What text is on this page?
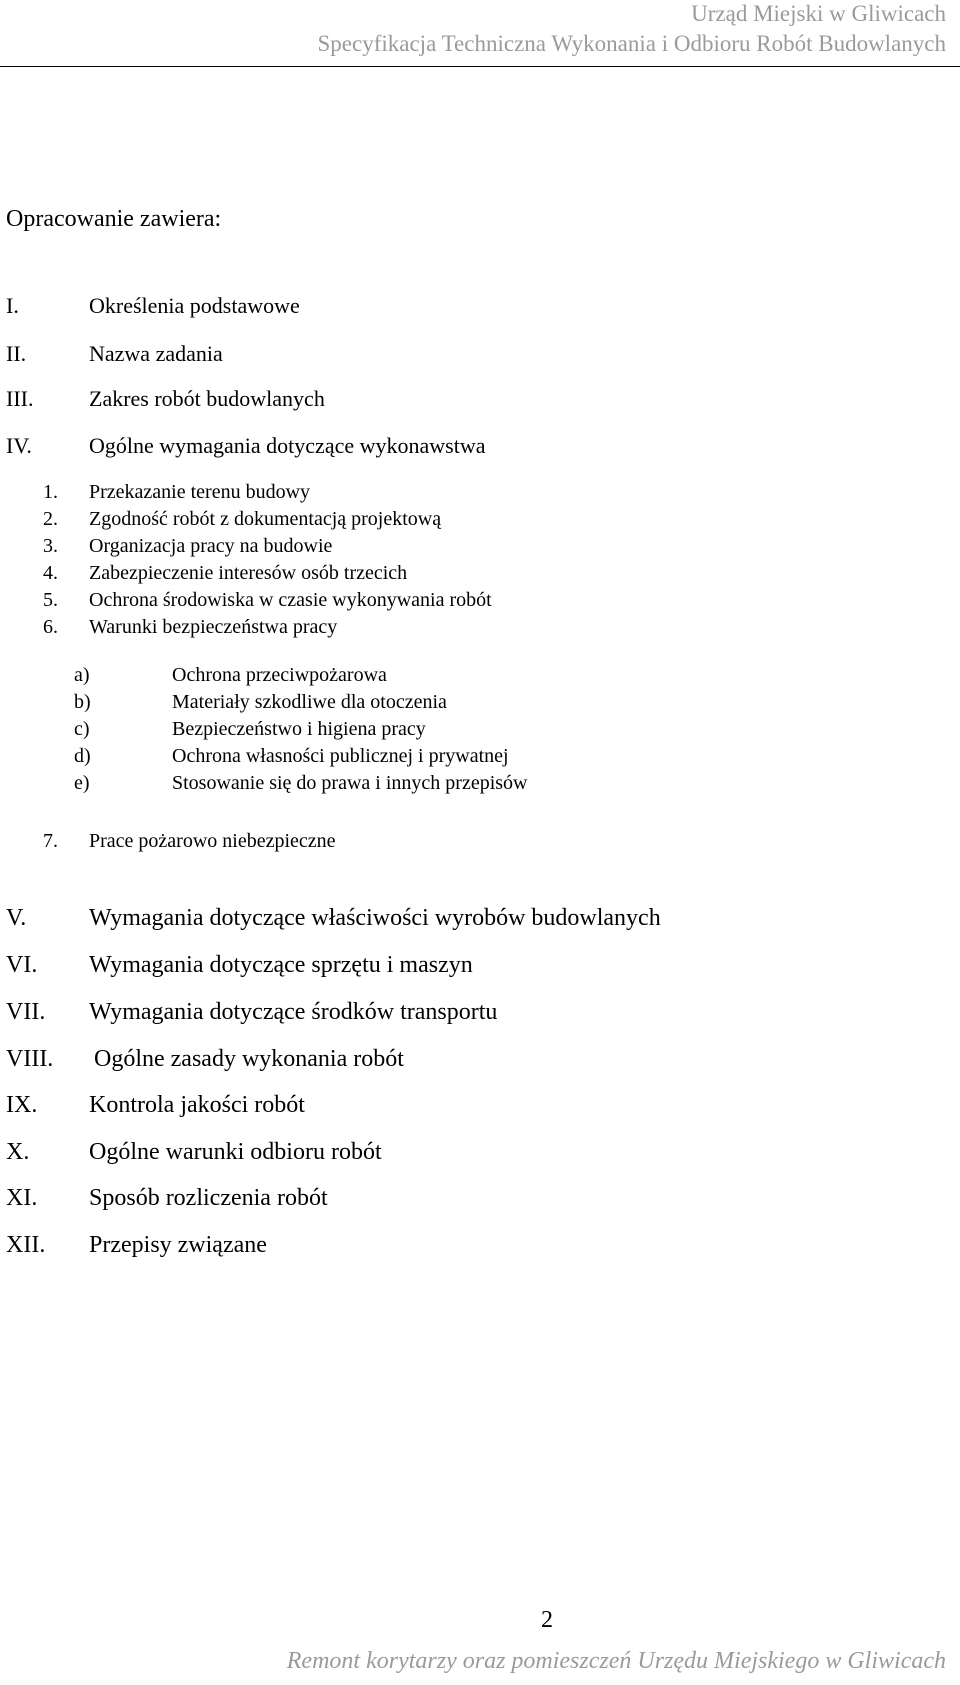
Urząd Miejski w Gliwicach
Specyfikacja Techniczna Wykonania i Odbioru Robót Budowlanych
Opracowanie zawiera:
I.	Określenia podstawowe
II.	Nazwa zadania
III.	Zakres robót budowlanych
IV.	Ogólne wymagania dotyczące wykonawstwa
1. Przekazanie terenu budowy
2. Zgodność robót z dokumentacją projektową
3. Organizacja pracy na budowie
4. Zabezpieczenie interesów osób trzecich
5. Ochrona środowiska w czasie wykonywania robót
6. Warunki bezpieczeństwa pracy
a)	Ochrona przeciwpożarowa
b)	Materiały szkodliwe dla otoczenia
c)	Bezpieczeństwo i higiena pracy
d)	Ochrona własności publicznej i prywatnej
e)	Stosowanie się do prawa i innych przepisów
7. Prace pożarowo niebezpieczne
V.	Wymagania dotyczące właściwości wyrobów budowlanych
VI. Wymagania dotyczące sprzętu i maszyn
VII. Wymagania dotyczące środków transportu
VIII. Ogólne zasady wykonania robót
IX. Kontrola jakości robót
X. Ogólne warunki odbioru robót
XI. Sposób rozliczenia robót
XII. Przepisy związane
2
Remont korytarzy oraz pomieszczeń Urzędu Miejskiego w Gliwicach
